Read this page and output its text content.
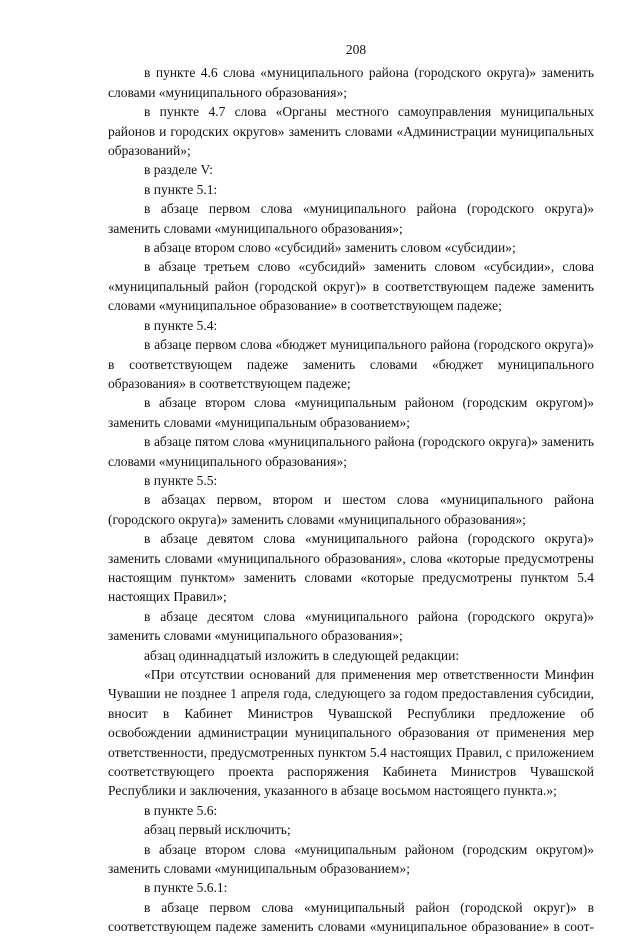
208

в пункте 4.6 слова «муниципального района (городского округа)» заменить словами «муниципального образования»;

в пункте 4.7 слова «Органы местного самоуправления муниципальных районов и городских округов» заменить словами «Администрации муниципальных образований»;

в разделе V:

в пункте 5.1:

в абзаце первом слова «муниципального района (городского округа)» заменить словами «муниципального образования»;

в абзаце втором слово «субсидий» заменить словом «субсидии»;

в абзаце третьем слово «субсидий» заменить словом «субсидии», слова «муниципальный район (городской округ)» в соответствующем падеже заменить словами «муниципальное образование» в соответствующем падеже;

в пункте 5.4:

в абзаце первом слова «бюджет муниципального района (городского округа)» в соответствующем падеже заменить словами «бюджет муниципального образования» в соответствующем падеже;

в абзаце втором слова «муниципальным районом (городским округом)» заменить словами «муниципальным образованием»;

в абзаце пятом слова «муниципального района (городского округа)» заменить словами «муниципального образования»;

в пункте 5.5:

в абзацах первом, втором и шестом слова «муниципального района (городского округа)» заменить словами «муниципального образования»;

в абзаце девятом слова «муниципального района (городского округа)» заменить словами «муниципального образования», слова «которые предусмотрены настоящим пунктом» заменить словами «которые предусмотрены пунктом 5.4 настоящих Правил»;

в абзаце десятом слова «муниципального района (городского округа)» заменить словами «муниципального образования»;

абзац одиннадцатый изложить в следующей редакции:

«При отсутствии оснований для применения мер ответственности Минфин Чувашии не позднее 1 апреля года, следующего за годом предоставления субсидии, вносит в Кабинет Министров Чувашской Республики предложение об освобождении администрации муниципального образования от применения мер ответственности, предусмотренных пунктом 5.4 настоящих Правил, с приложением соответствующего проекта распоряжения Кабинета Министров Чувашской Республики и заключения, указанного в абзаце восьмом настоящего пункта.»;

в пункте 5.6:

абзац первый исключить;

в абзаце втором слова «муниципальным районом (городским округом)» заменить словами «муниципальным образованием»;

в пункте 5.6.1:

в абзаце первом слова «муниципальный район (городской округ)» в соответствующем падеже заменить словами «муниципальное образование» в соот-
